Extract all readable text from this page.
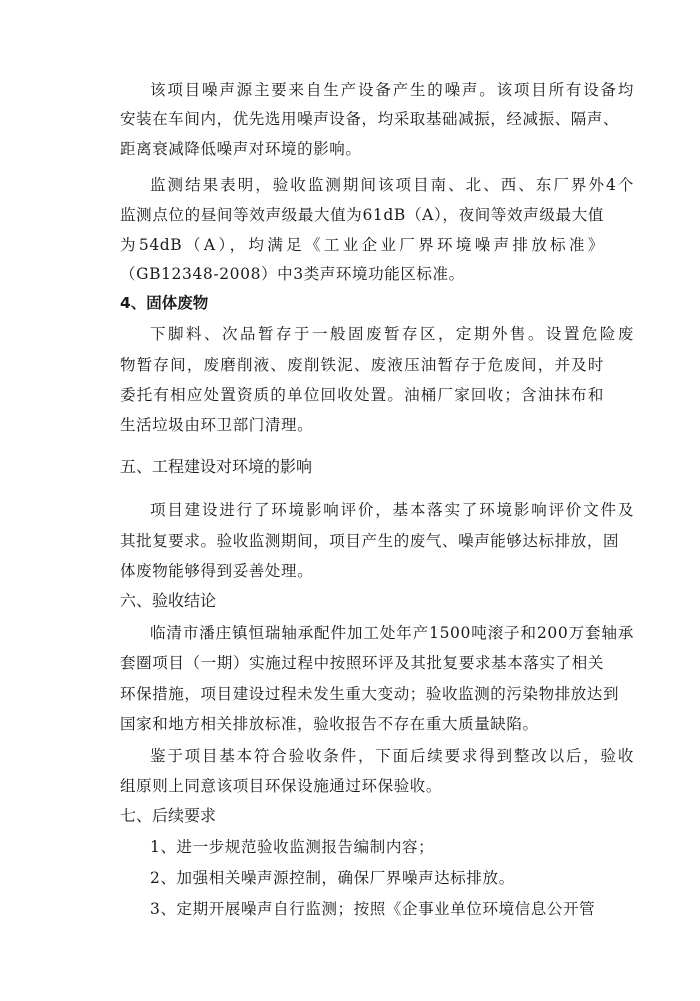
该项目噪声源主要来自生产设备产生的噪声。该项目所有设备均
安装在车间内，优先选用噪声设备，均采取基础减振，经减振、隔声、
距离衰减降低噪声对环境的影响。
监测结果表明，验收监测期间该项目南、北、西、东厂界外4个
监测点位的昼间等效声级最大值为61dB（A），夜间等效声级最大值
为54dB（A），均满足《工业企业厂界环境噪声排放标准》
（GB12348-2008）中3类声环境功能区标准。
4、固体废物
下脚料、次品暂存于一般固废暂存区，定期外售。设置危险废
物暂存间，废磨削液、废削铁泥、废液压油暂存于危废间，并及时
委托有相应处置资质的单位回收处置。油桶厂家回收；含油抹布和
生活垃圾由环卫部门清理。
五、工程建设对环境的影响
项目建设进行了环境影响评价，基本落实了环境影响评价文件及
其批复要求。验收监测期间，项目产生的废气、噪声能够达标排放，固
体废物能够得到妥善处理。
六、验收结论
临清市潘庄镇恒瑞轴承配件加工处年产1500吨滚子和200万套轴承
套圈项目（一期）实施过程中按照环评及其批复要求基本落实了相关
环保措施，项目建设过程未发生重大变动；验收监测的污染物排放达到
国家和地方相关排放标准，验收报告不存在重大质量缺陷。
鉴于项目基本符合验收条件，下面后续要求得到整改以后，验收
组原则上同意该项目环保设施通过环保验收。
七、后续要求
1、进一步规范验收监测报告编制内容；
2、加强相关噪声源控制，确保厂界噪声达标排放。
3、定期开展噪声自行监测；按照《企事业单位环境信息公开管
